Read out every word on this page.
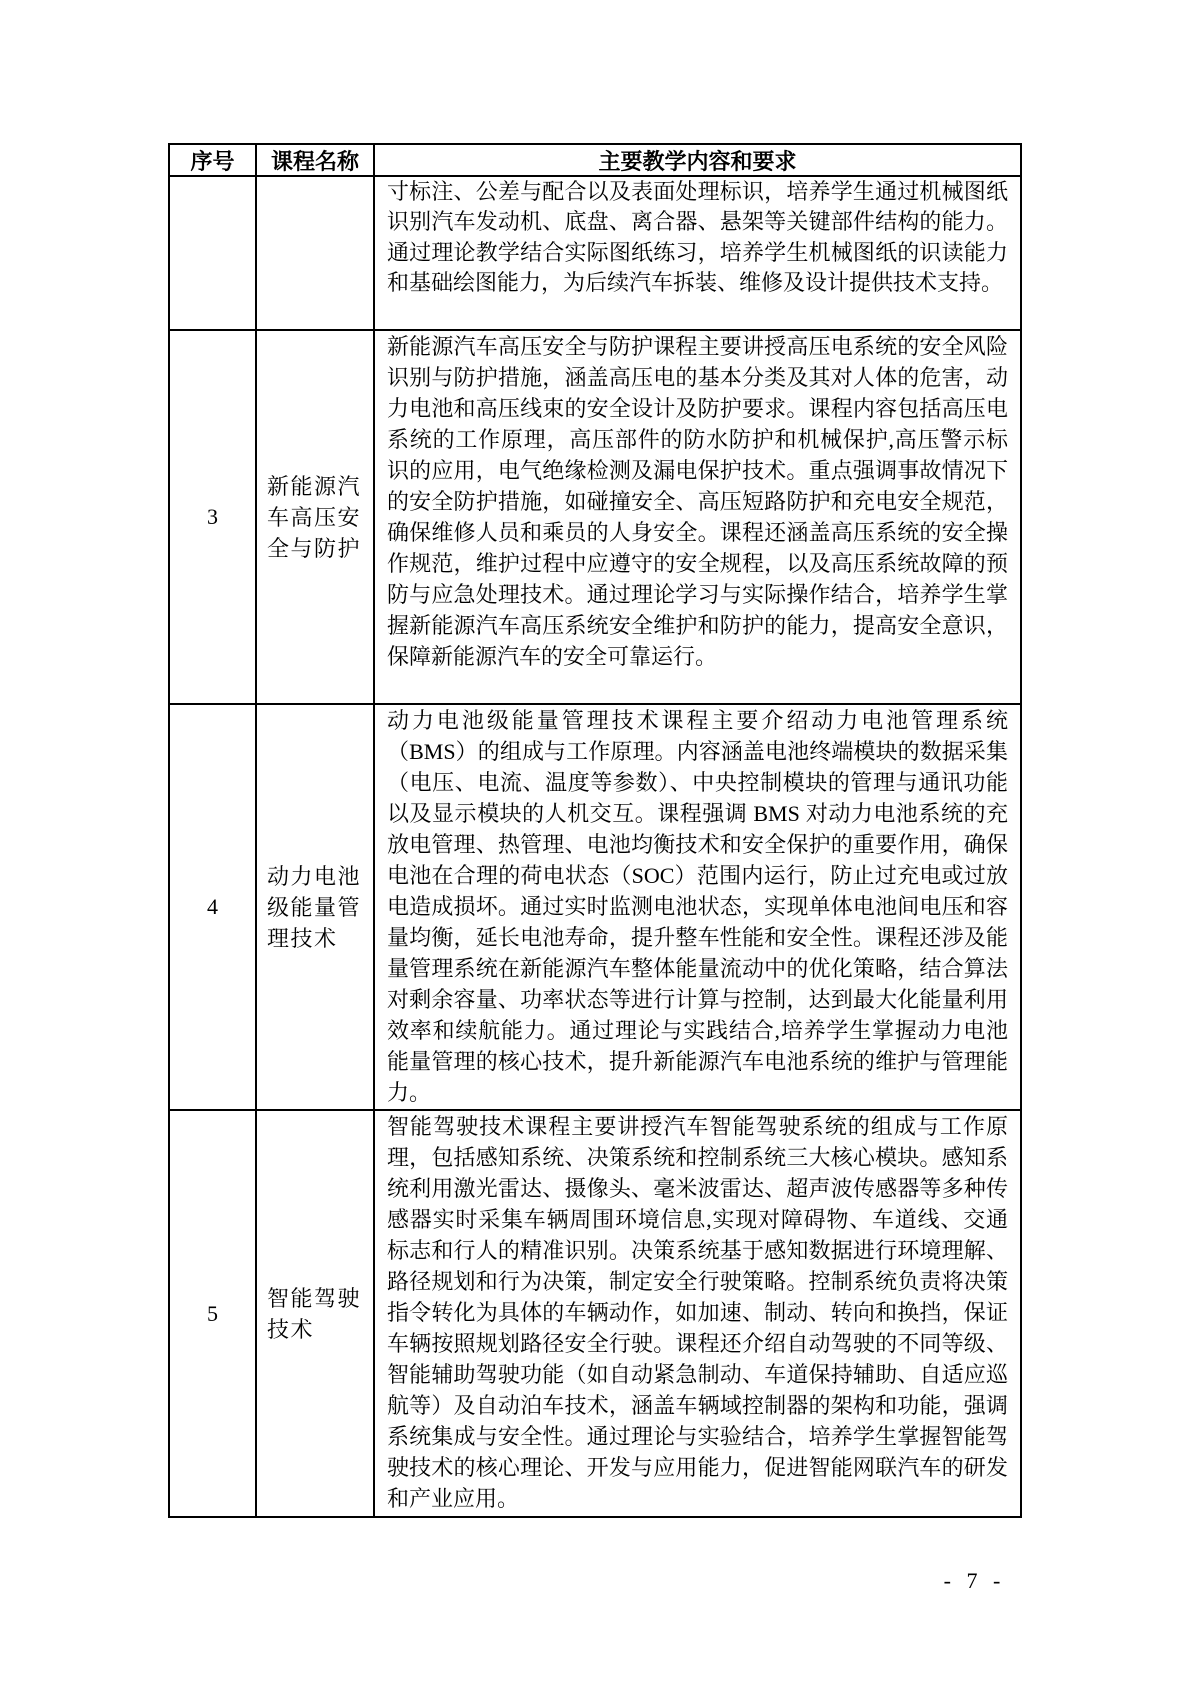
序号	课程名称	主要教学内容和要求
寸标注、公差与配合以及表面处理标识，培养学生通过机械图纸识别汽车发动机、底盘、离合器、悬架等关键部件结构的能力。通过理论教学结合实际图纸练习，培养学生机械图纸的识读能力和基础绘图能力，为后续汽车拆装、维修及设计提供技术支持。
3
新能源汽车高压安全与防护
新能源汽车高压安全与防护课程主要讲授高压电系统的安全风险识别与防护措施，涵盖高压电的基本分类及其对人体的危害，动力电池和高压线束的安全设计及防护要求。课程内容包括高压电系统的工作原理，高压部件的防水防护和机械保护,高压警示标识的应用，电气绝缘检测及漏电保护技术。重点强调事故情况下的安全防护措施，如碰撞安全、高压短路防护和充电安全规范，确保维修人员和乘员的人身安全。课程还涵盖高压系统的安全操作规范，维护过程中应遵守的安全规程，以及高压系统故障的预防与应急处理技术。通过理论学习与实际操作结合，培养学生掌握新能源汽车高压系统安全维护和防护的能力，提高安全意识，保障新能源汽车的安全可靠运行。
4
动力电池级能量管理技术
动力电池级能量管理技术课程主要介绍动力电池管理系统（BMS）的组成与工作原理。内容涵盖电池终端模块的数据采集（电压、电流、温度等参数）、中央控制模块的管理与通讯功能以及显示模块的人机交互。课程强调 BMS 对动力电池系统的充放电管理、热管理、电池均衡技术和安全保护的重要作用，确保电池在合理的荷电状态（SOC）范围内运行，防止过充电或过放电造成损坏。通过实时监测电池状态，实现单体电池间电压和容量均衡，延长电池寿命，提升整车性能和安全性。课程还涉及能量管理系统在新能源汽车整体能量流动中的优化策略，结合算法对剩余容量、功率状态等进行计算与控制，达到最大化能量利用效率和续航能力。通过理论与实践结合,培养学生掌握动力电池能量管理的核心技术，提升新能源汽车电池系统的维护与管理能力。
5
智能驾驶技术
智能驾驶技术课程主要讲授汽车智能驾驶系统的组成与工作原理，包括感知系统、决策系统和控制系统三大核心模块。感知系统利用激光雷达、摄像头、毫米波雷达、超声波传感器等多种传感器实时采集车辆周围环境信息,实现对障碍物、车道线、交通标志和行人的精准识别。决策系统基于感知数据进行环境理解、路径规划和行为决策，制定安全行驶策略。控制系统负责将决策指令转化为具体的车辆动作，如加速、制动、转向和换挡，保证车辆按照规划路径安全行驶。课程还介绍自动驾驶的不同等级、智能辅助驾驶功能（如自动紧急制动、车道保持辅助、自适应巡航等）及自动泊车技术，涵盖车辆域控制器的架构和功能，强调系统集成与安全性。通过理论与实验结合，培养学生掌握智能驾驶技术的核心理论、开发与应用能力，促进智能网联汽车的研发和产业应用。
- 7 -
